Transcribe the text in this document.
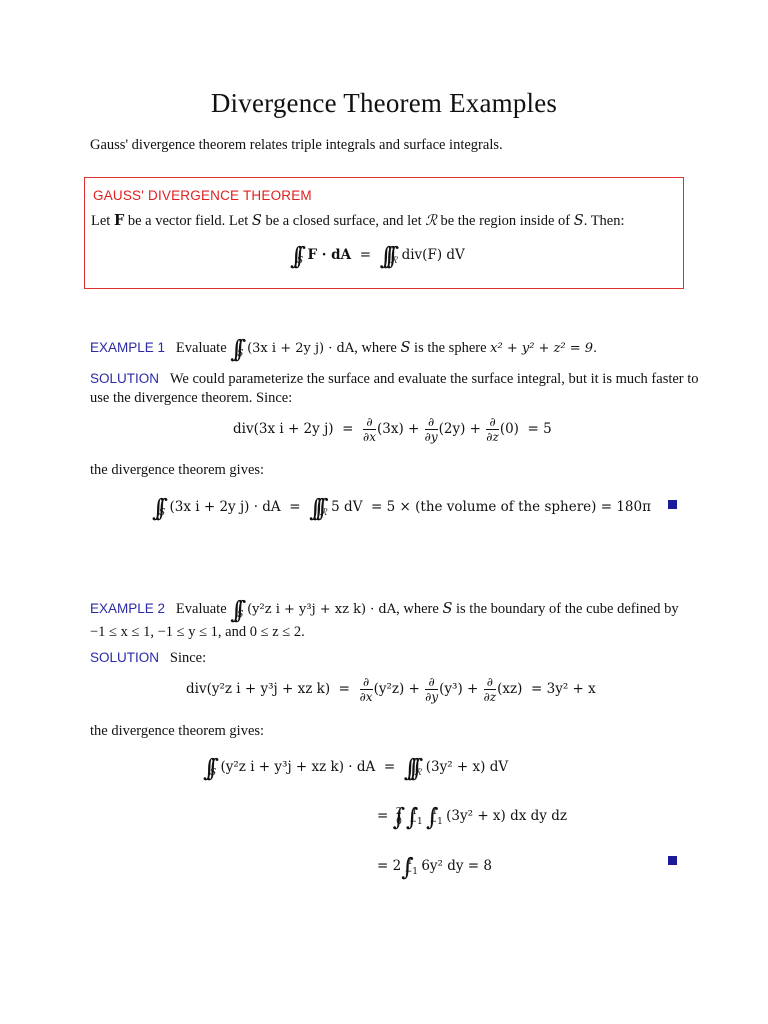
Divergence Theorem Examples
Gauss' divergence theorem relates triple integrals and surface integrals.
GAUSS' DIVERGENCE THEOREM
Let F be a vector field. Let S be a closed surface, and let ℛ be the region inside of S. Then:
$\int\int_S$ F · dA = $\int\int\int_ℛ$ div(F) dV
EXAMPLE 1 Evaluate $\int\int_S$ (3x i + 2y j) · dA, where S is the sphere x² + y² + z² = 9.
SOLUTION We could parameterize the surface and evaluate the surface integral, but it is much faster to
use the divergence theorem. Since:
div(3x i + 2y $j) = \frac{\partial}{\partial x} (3x) + \frac{\partial}{\partial y} (2y) + \frac{\partial}{\partial z} (0) = 5$
the divergence theorem gives:
$\int\int_S$ (3x i + 2y j) · dA  =  $\int\int\int_ℛ$ 5 dV = 5 × (the volume of the sphere) = 180π
EXAMPLE 2 Evaluate $\int\int_S$ (y²z i + y³j + xz k) · dA, where S is the boundary of the cube defined by
−1 ≤ x ≤ 1, −1 ≤ y ≤ 1, and 0 ≤ z ≤ 2.
SOLUTION Since:
div(y²z i + y³j + xz $k) = \frac{\partial}{\partial x} (y^2z) + \frac{\partial}{\partial y} (y^3) + \frac{\partial}{\partial z} (xz) = 3y^2 + x$
the divergence theorem gives:
$\int\int_S$ (y²z i + y³j + xz k) · dA  =  $\int\int\int_ℛ$ (3y² + x) dV
= $\int_0^2$ $\int_{-1}^1$ $\int_{-1}^1$ (3y² + x) dx dy dz
= $2\int_{-1}^1$ 6y² dy = 8
